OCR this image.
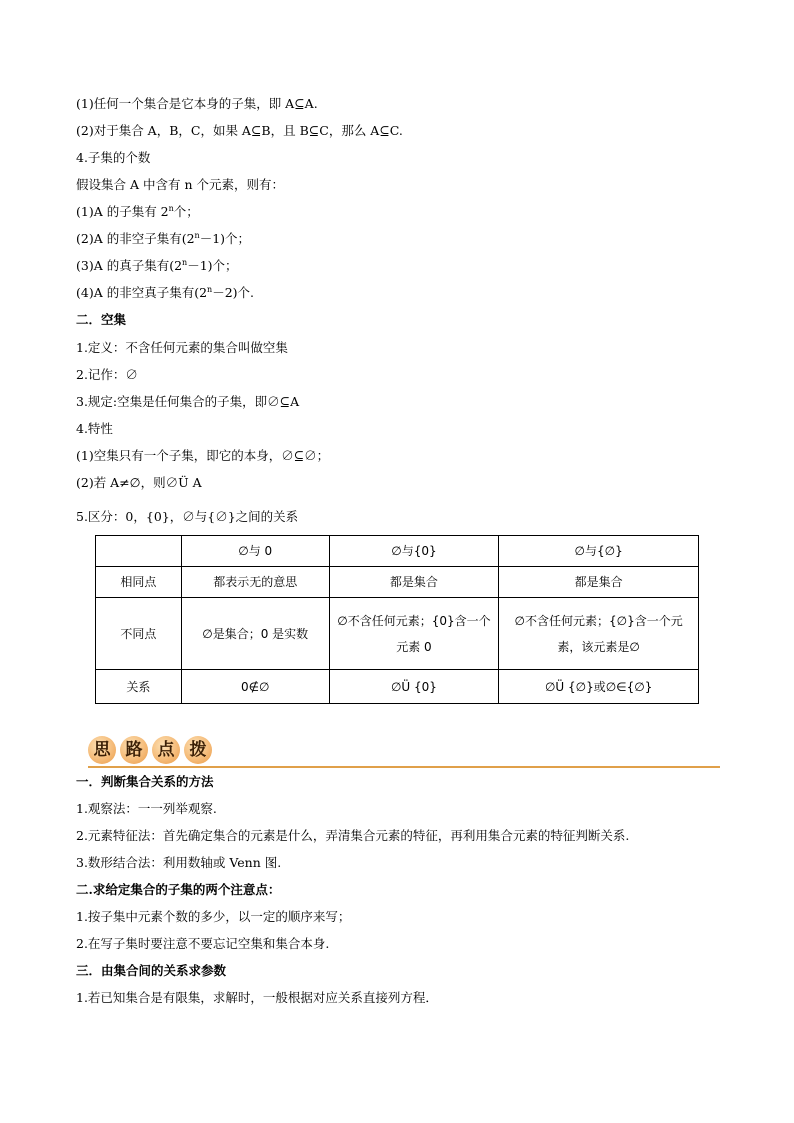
(1)任何一个集合是它本身的子集，即 A⊆A.
(2)对于集合 A，B，C，如果 A⊆B，且 B⊆C，那么 A⊆C.
4.子集的个数
假设集合 A 中含有 n 个元素，则有：
(1)A 的子集有 2$^n$个；
(2)A 的非空子集有$(2^n-1)$个；
(3)A 的真子集有$(2^n-1)$个；
(4)A 的非空真子集有$(2^n-2)$个.
二．空集
1.定义：不含任何元素的集合叫做空集
2.记作：∅
3.规定:空集是任何集合的子集，即∅⊆A
4.特性
(1)空集只有一个子集，即它的本身，∅⊆∅；
(2)若 A≠∅，则∅Ü A
5.区分：0，{0}，∅与{∅}之间的关系
	∅与 0	∅与{0}	∅与{∅}
相同点	都表示无的意思	都是集合	都是集合
不同点	∅是集合；0 是实数	∅不含任何元素；{0}含一个元素 0	∅不含任何元素；{∅}含一个元素，该元素是∅
关系	0∉∅	∅Ü {0}	∅Ü {∅}或∅∈{∅}
思 路 点 拨
一．判断集合关系的方法
1.观察法：一一列举观察.
2.元素特征法：首先确定集合的元素是什么，弄清集合元素的特征，再利用集合元素的特征判断关系.
3.数形结合法：利用数轴或 Venn 图.
二.求给定集合的子集的两个注意点：
1.按子集中元素个数的多少，以一定的顺序来写；
2.在写子集时要注意不要忘记空集和集合本身.
三．由集合间的关系求参数
1.若已知集合是有限集，求解时，一般根据对应关系直接列方程．
